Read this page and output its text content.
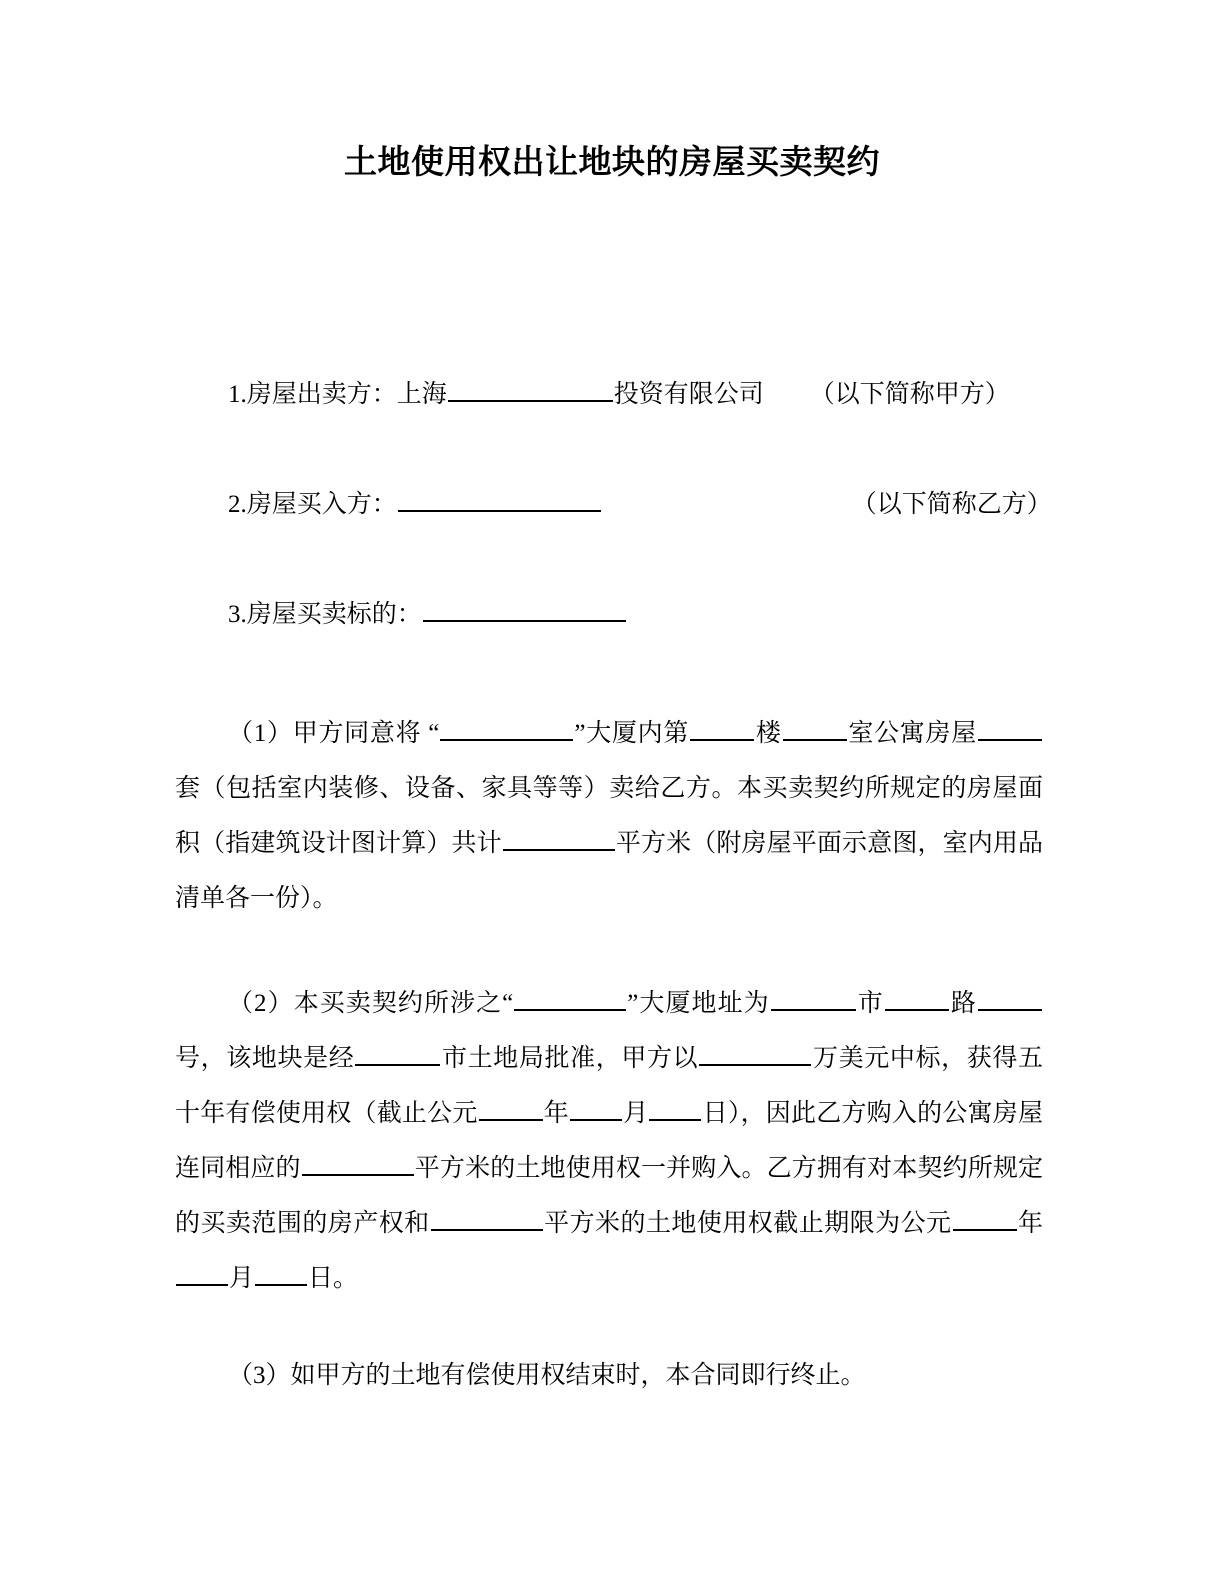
土地使用权出让地块的房屋买卖契约
1.房屋出卖方：上海	投资有限公司 （以下简称甲方）
2.房屋买入方：	（以下简称乙方）
3.房屋买卖标的：
（1）甲方同意将 “	”大厦内第	楼	室公寓房屋套（包括室内装修、设备、家具等等）卖给乙方。本买卖契约所规定的房屋面积（指建筑设计图计算）共计	平方米（附房屋平面示意图，室内用品清单各一份）。
（2）本买卖契约所涉之“	”大厦地址为	市	路号，该地块是经	市土地局批准，甲方以	万美元中标，获得五十年有偿使用权（截止公元	年 月 日），因此乙方购入的公寓房屋连同相应的	平方米的土地使用权一并购入。乙方拥有对本契约所规定的买卖范围的房产权和	平方米的土地使用权截止期限为公元	年月 日。
（3）如甲方的土地有偿使用权结束时，本合同即行终止。
